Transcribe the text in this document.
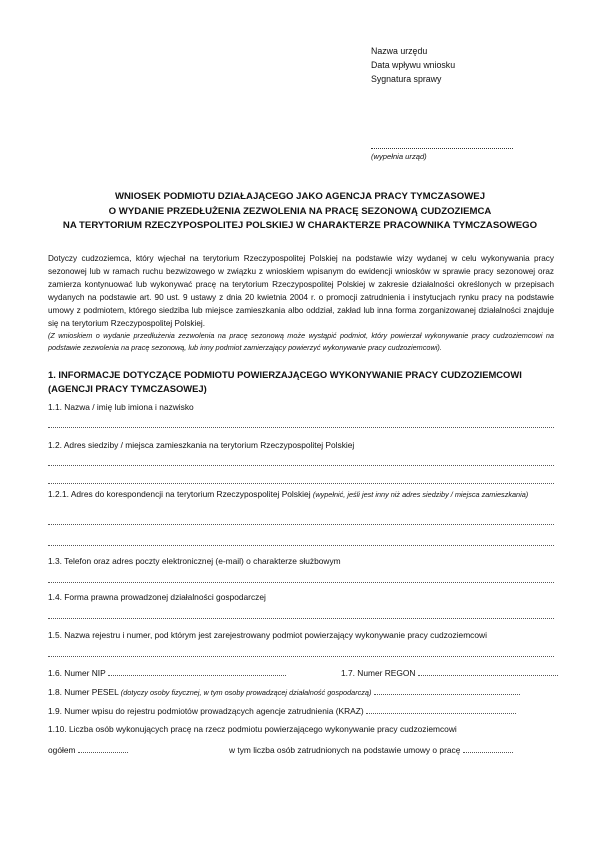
Nazwa urzędu
Data wpływu wniosku
Sygnatura sprawy
(wypełnia urząd)
WNIOSEK PODMIOTU DZIAŁAJĄCEGO JAKO AGENCJA PRACY TYMCZASOWEJ
O WYDANIE PRZEDŁUŻENIA ZEZWOLENIA NA PRACĘ SEZONOWĄ CUDZOZIEMCA
NA TERYTORIUM RZECZYPOSPOLITEJ POLSKIEJ W CHARAKTERZE PRACOWNIKA TYMCZASOWEGO
Dotyczy cudzoziemca, który wjechał na terytorium Rzeczypospolitej Polskiej na podstawie wizy wydanej w celu wykonywania pracy sezonowej lub w ramach ruchu bezwizowego w związku z wnioskiem wpisanym do ewidencji wniosków w sprawie pracy sezonowej oraz zamierza kontynuować lub wykonywać pracę na terytorium Rzeczypospolitej Polskiej w zakresie działalności określonych w przepisach wydanych na podstawie art. 90 ust. 9 ustawy z dnia 20 kwietnia 2004 r. o promocji zatrudnienia i instytucjach rynku pracy na podstawie umowy z podmiotem, którego siedziba lub miejsce zamieszkania albo oddział, zakład lub inna forma zorganizowanej działalności znajduje się na terytorium Rzeczypospolitej Polskiej.
(Z wnioskiem o wydanie przedłużenia zezwolenia na pracę sezonową może wystąpić podmiot, który powierzał wykonywanie pracy cudzoziemcowi na podstawie zezwolenia na pracę sezonową, lub inny podmiot zamierzający powierzyć wykonywanie pracy cudzoziemcowi).
1. INFORMACJE DOTYCZĄCE PODMIOTU POWIERZAJĄCEGO WYKONYWANIE PRACY CUDZOZIEMCOWI (AGENCJI PRACY TYMCZASOWEJ)
1.1. Nazwa / imię lub imiona i nazwisko
1.2. Adres siedziby / miejsca zamieszkania na terytorium Rzeczypospolitej Polskiej
1.2.1. Adres do korespondencji na terytorium Rzeczypospolitej Polskiej (wypełnić, jeśli jest inny niż adres siedziby / miejsca zamieszkania)
1.3. Telefon oraz adres poczty elektronicznej (e-mail) o charakterze służbowym
1.4. Forma prawna prowadzonej działalności gospodarczej
1.5. Nazwa rejestru i numer, pod którym jest zarejestrowany podmiot powierzający wykonywanie pracy cudzoziemcowi
1.6. Numer NIP	1.7. Numer REGON
1.8. Numer PESEL (dotyczy osoby fizycznej, w tym osoby prowadzącej działalność gospodarczą)
1.9. Numer wpisu do rejestru podmiotów prowadzących agencje zatrudnienia (KRAZ)
1.10. Liczba osób wykonujących pracę na rzecz podmiotu powierzającego wykonywanie pracy cudzoziemcowi
ogółem	w tym liczba osób zatrudnionych na podstawie umowy o pracę
